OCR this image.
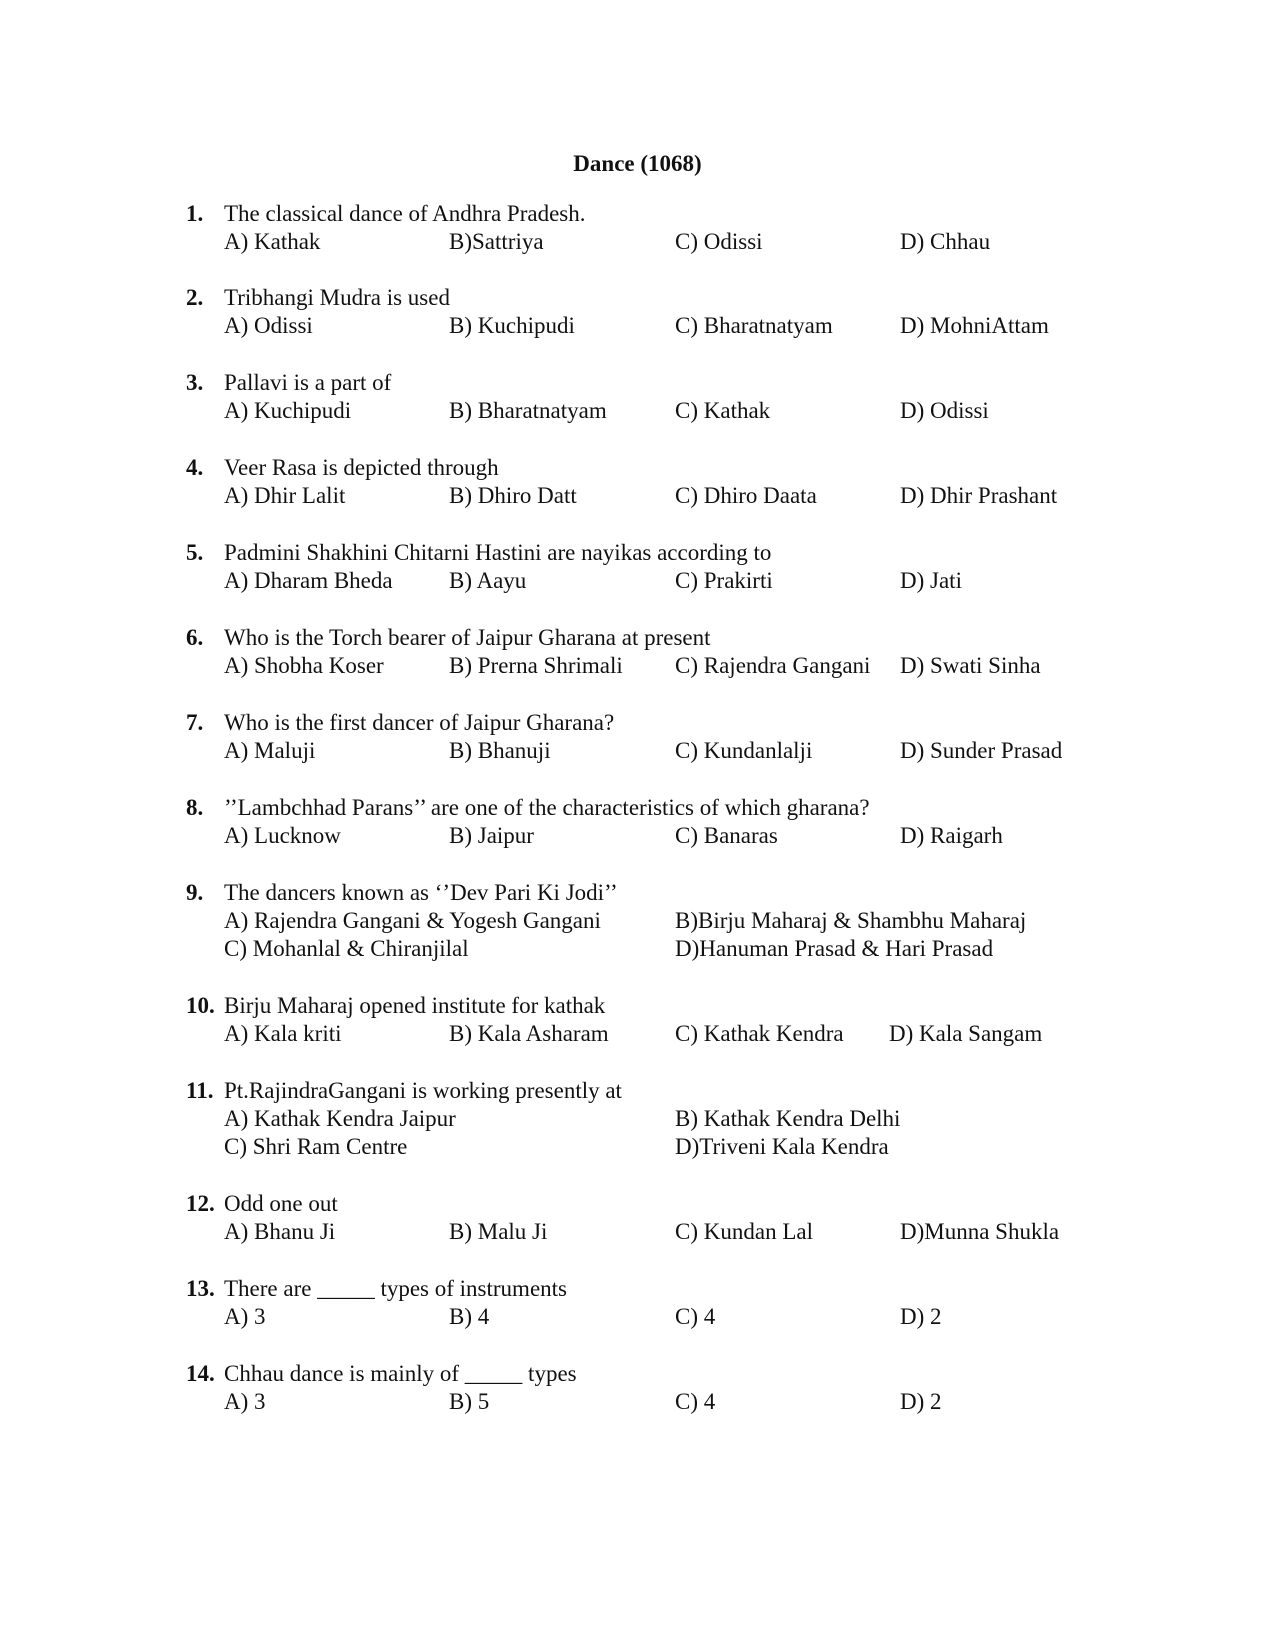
Dance (1068)
1. The classical dance of Andhra Pradesh.
A) Kathak	B)Sattriya	C) Odissi	D) Chhau
2. Tribhangi Mudra is used
A) Odissi	B) Kuchipudi	C) Bharatnatyam	D) MohniAttam
3. Pallavi is a part of
A) Kuchipudi	B) Bharatnatyam	C) Kathak	D) Odissi
4. Veer Rasa is depicted through
A) Dhir Lalit	B) Dhiro Datt	C) Dhiro Daata	D) Dhir Prashant
5. Padmini Shakhini Chitarni Hastini are nayikas according to
A) Dharam Bheda B) Aayu	C) Prakirti	D) Jati
6. Who is the Torch bearer of Jaipur Gharana at present
A) Shobha Koser	B) Prerna Shrimali C) Rajendra Gangani D) Swati Sinha
7. Who is the first dancer of Jaipur Gharana?
A) Maluji	B) Bhanuji	C) Kundanlalji	D) Sunder Prasad
8. ’’Lambchhad Parans’’ are one of the characteristics of which gharana?
A) Lucknow	B) Jaipur	C) Banaras	D) Raigarh
9. The dancers known as ‘’Dev Pari Ki Jodi’’
A) Rajendra Gangani & Yogesh Gangani	B)Birju Maharaj & Shambhu Maharaj
C) Mohanlal & Chiranjilal	D)Hanuman Prasad & Hari Prasad
10. Birju Maharaj opened institute for kathak
A) Kala kriti	B) Kala Asharam	C) Kathak Kendra D) Kala Sangam
11. Pt.RajindraGangani is working presently at
A) Kathak Kendra Jaipur	B) Kathak Kendra Delhi
C) Shri Ram Centre	D)Triveni Kala Kendra
12. Odd one out
A) Bhanu Ji	B) Malu Ji	C) Kundan Lal	D)Munna Shukla
13. There are _____ types of instruments
A) 3	B) 4	C) 4	D) 2
14. Chhau dance is mainly of _____ types
A) 3	B) 5	C) 4	D) 2
